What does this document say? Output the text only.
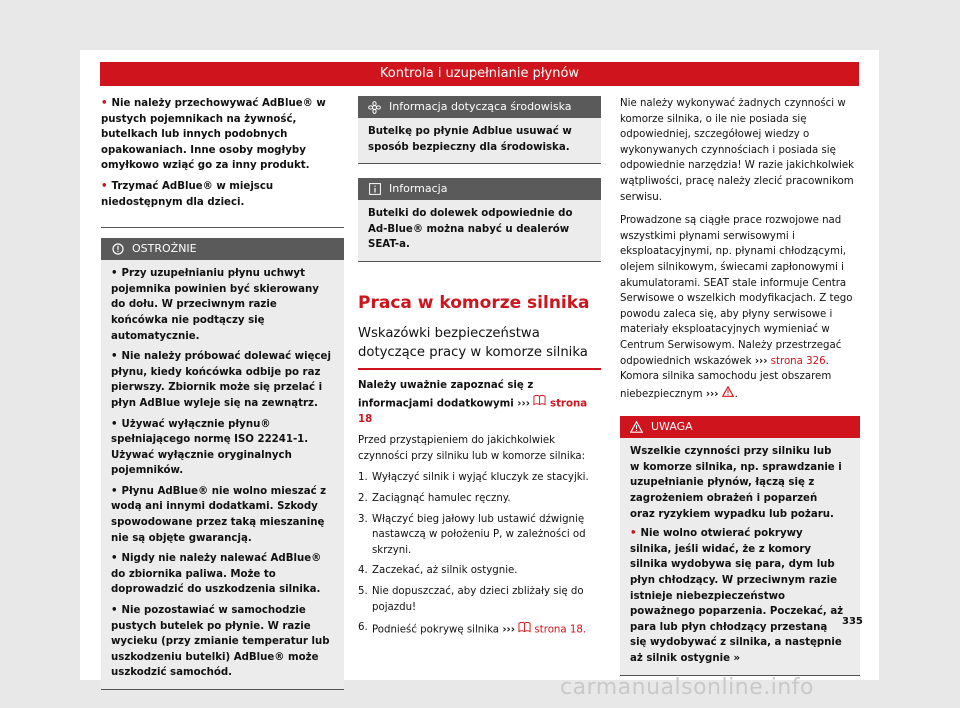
Kontrola i uzupełnianie płynów
• Nie należy przechowywać AdBlue® w pustych pojemnikach na żywność, butelkach lub innych podobnych opakowaniach. Inne osoby mogłyby omyłkowo wziąć go za inny produkt.
• Trzymać AdBlue® w miejscu niedostępnym dla dzieci.
OSTROŻNIE
• Przy uzupełnianiu płynu uchwyt pojemnika powinien być skierowany do dołu. W przeciwnym razie końcówka nie podtączy się automatycznie.
• Nie należy próbować dolewać więcej płynu, kiedy końcówka odbije po raz pierwszy. Zbiornik może się przelać i płyn AdBlue wyleje się na zewnątrz.
• Używać wyłącznie płynu® spełniającego normę ISO 22241-1. Używać wyłącznie oryginalnych pojemników.
• Płynu AdBlue® nie wolno mieszać z wodą ani innymi dodatkami. Szkody spowodowane przez taką mieszaninę nie są objęte gwarancją.
• Nigdy nie należy nalewać AdBlue® do zbiornika paliwa. Może to doprowadzić do uszkodzenia silnika.
• Nie pozostawiać w samochodzie pustych butelek po płynie. W razie wycieku (przy zmianie temperatur lub uszkodzeniu butelki) AdBlue® może uszkodzić samochód.
Informacja dotycząca środowiska
Butelkę po płynie Adblue usuwać w sposób bezpieczny dla środowiska.
Informacja
Butelki do dolewek odpowiednie do Ad-Blue® można nabyć u dealerów SEAT-a.

Praca w komorze silnika

Wskazówki bezpieczeństwa dotyczące pracy w komorze silnika

Należy uważnie zapoznać się z informacjami dodatkowymi ››› strona 18

Przed przystąpieniem do jakichkolwiek czynności przy silniku lub w komorze silnika:

1. Wyłączyć silnik i wyjąć kluczyk ze stacyjki.
2. Zaciągnąć hamulec ręczny.
3. Włączyć bieg jałowy lub ustawić dźwignię nastawczą w położeniu P, w zależności od skrzyni.
4. Zaczekać, aż silnik ostygnie.
5. Nie dopuszczać, aby dzieci zbliżały się do pojazdu!
6. Podnieść pokrywę silnika ››› strona 18.

Nie należy wykonywać żadnych czynności w komorze silnika, o ile nie posiada się odpowiedniej, szczegółowej wiedzy o wykonywanych czynnościach i posiada się odpowiednie narzędzia! W razie jakichkolwiek wątpliwości, pracę należy zlecić pracownikom serwisu.

Prowadzone są ciągłe prace rozwojowe nad wszystkimi płynami serwisowymi i eksploatacyjnymi, np. płynami chłodzącymi, olejem silnikowym, świecami zapłonowymi i akumulatorami. SEAT stale informuje Centra Serwisowe o wszelkich modyfikacjach. Z tego powodu zaleca się, aby płyny serwisowe i materiały eksploatacyjnych wymieniać w Centrum Serwisowym. Należy przestrzegać odpowiednich wskazówek ››› strona 326. Komora silnika samochodu jest obszarem niebezpiecznym ››› .

UWAGA

Wszelkie czynności przy silniku lub w komorze silnika, np. sprawdzanie i uzupełnianie płynów, łączą się z zagrożeniem obrażeń i poparzeń oraz ryzykiem wypadku lub pożaru.

• Nie wolno otwierać pokrywy silnika, jeśli widać, że z komory silnika wydobywa się para, dym lub płyn chłodzący. W przeciwnym razie istnieje niebezpieczeństwo poważnego poparzenia. Poczekać, aż para lub płyn chłodzący przestaną się wydobywać z silnika, a następnie aż silnik ostygnie »
335
carmanualsonline.info
